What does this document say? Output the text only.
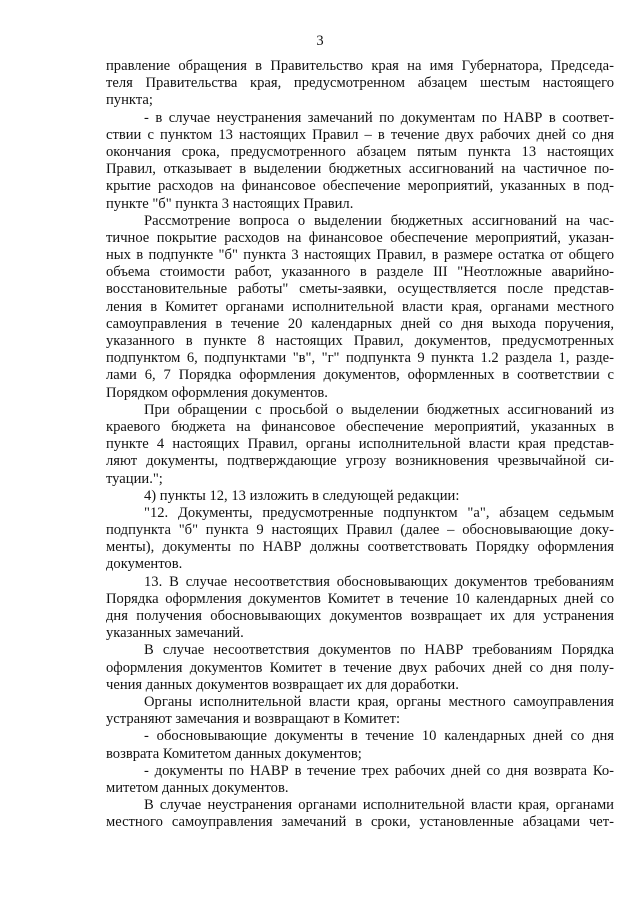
3
правление обращения в Правительство края на имя Губернатора, Председа-
теля Правительства края, предусмотренном абзацем шестым настоящего
пункта;
- в случае неустранения замечаний по документам по НАВР в соответ-
ствии с пунктом 13 настоящих Правил – в течение двух рабочих дней со дня
окончания срока, предусмотренного абзацем пятым пункта 13 настоящих
Правил, отказывает в выделении бюджетных ассигнований на частичное по-
крытие расходов на финансовое обеспечение мероприятий, указанных в под-
пункте "б" пункта 3 настоящих Правил.
Рассмотрение вопроса о выделении бюджетных ассигнований на час-
тичное покрытие расходов на финансовое обеспечение мероприятий, указан-
ных в подпункте "б" пункта 3 настоящих Правил, в размере остатка от общего
объема стоимости работ, указанного в разделе III "Неотложные аварийно-
восстановительные работы" сметы-заявки, осуществляется после представ-
ления в Комитет органами исполнительной власти края, органами местного
самоуправления в течение 20 календарных дней со дня выхода поручения,
указанного в пункте 8 настоящих Правил, документов, предусмотренных
подпунктом 6, подпунктами "в", "г" подпункта 9 пункта 1.2 раздела 1, разде-
лами 6, 7 Порядка оформления документов, оформленных в соответствии с
Порядком оформления документов.
При обращении с просьбой о выделении бюджетных ассигнований из
краевого бюджета на финансовое обеспечение мероприятий, указанных в
пункте 4 настоящих Правил, органы исполнительной власти края представ-
ляют документы, подтверждающие угрозу возникновения чрезвычайной си-
туации.";
4) пункты 12, 13 изложить в следующей редакции:
"12. Документы, предусмотренные подпунктом "а", абзацем седьмым
подпункта "б" пункта 9 настоящих Правил (далее – обосновывающие доку-
менты), документы по НАВР должны соответствовать Порядку оформления
документов.
13. В случае несоответствия обосновывающих документов требованиям
Порядка оформления документов Комитет в течение 10 календарных дней со
дня получения обосновывающих документов возвращает их для устранения
указанных замечаний.
В случае несоответствия документов по НАВР требованиям Порядка
оформления документов Комитет в течение двух рабочих дней со дня полу-
чения данных документов возвращает их для доработки.
Органы исполнительной власти края, органы местного самоуправления
устраняют замечания и возвращают в Комитет:
- обосновывающие документы в течение 10 календарных дней со дня
возврата Комитетом данных документов;
- документы по НАВР в течение трех рабочих дней со дня возврата Ко-
митетом данных документов.
В случае неустранения органами исполнительной власти края, органами
местного самоуправления замечаний в сроки, установленные абзацами чет-
